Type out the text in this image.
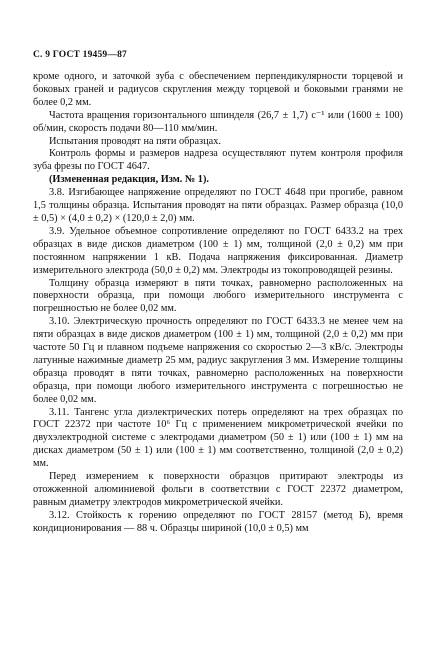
С. 9 ГОСТ 19459—87

кроме одного, и заточкой зуба с обеспечением перпендикулярности торцевой и боковых граней и радиусов скругления между торцевой и боковыми гранями не более 0,2 мм.

Частота вращения горизонтального шпинделя (26,7 ± 1,7) с⁻¹ или (1600 ± 100) об/мин, скорость подачи 80—110 мм/мин.

Испытания проводят на пяти образцах.

Контроль формы и размеров надреза осуществляют путем контроля профиля зуба фрезы по ГОСТ 4647.

(Измененная редакция, Изм. № 1).

3.8. Изгибающее напряжение определяют по ГОСТ 4648 при прогибе, равном 1,5 толщины образца. Испытания проводят на пяти образцах. Размер образца (10,0 ± 0,5) × (4,0 ± 0,2) × (120,0 ± 2,0) мм.

3.9. Удельное объемное сопротивление определяют по ГОСТ 6433.2 на трех образцах в виде дисков диаметром (100 ± 1) мм, толщиной (2,0 ± 0,2) мм при постоянном напряжении 1 кВ. Подача напряжения фиксированная. Диаметр измерительного электрода (50,0 ± 0,2) мм. Электроды из токопроводящей резины.

Толщину образца измеряют в пяти точках, равномерно расположенных на поверхности образца, при помощи любого измерительного инструмента с погрешностью не более 0,02 мм.

3.10. Электрическую прочность определяют по ГОСТ 6433.3 не менее чем на пяти образцах в виде дисков диаметром (100 ± 1) мм, толщиной (2,0 ± 0,2) мм при частоте 50 Гц и плавном подъеме напряжения со скоростью 2—3 кВ/с. Электроды латунные нажимные диаметр 25 мм, радиус закругления 3 мм. Измерение толщины образца проводят в пяти точках, равномерно расположенных на поверхности образца, при помощи любого измерительного инструмента с погрешностью не более 0,02 мм.

3.11. Тангенс угла диэлектрических потерь определяют на трех образцах по ГОСТ 22372 при частоте 10⁶ Гц с применением микрометрической ячейки по двухэлектродной системе с электродами диаметром (50 ± 1) или (100 ± 1) мм на дисках диаметром (50 ± 1) или (100 ± 1) мм соответственно, толщиной (2,0 ± 0,2) мм.

Перед измерением к поверхности образцов притирают электроды из отожженной алюминиевой фольги в соответствии с ГОСТ 22372 диаметром, равным диаметру электродов микрометрической ячейки.

3.12. Стойкость к горению определяют по ГОСТ 28157 (метод Б), время кондиционирования — 88 ч. Образцы шириной (10,0 ± 0,5) мм
